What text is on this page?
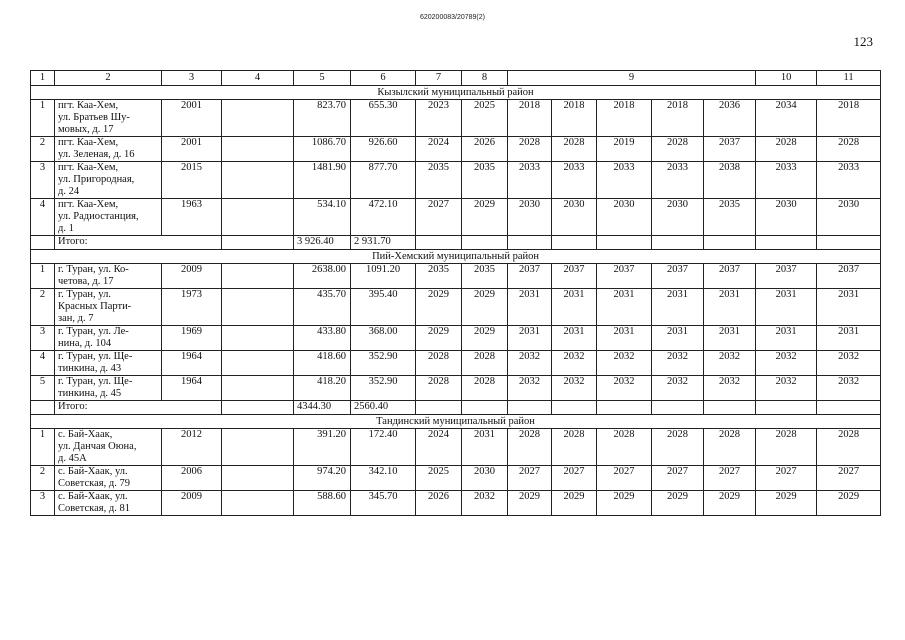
620200083/20789(2)
123
1	2	3	4	5	6	7	8	9					10	11
Кызылский муниципальный район														
1	пгт. Каа-Хем,
ул. Братьев Шу-
мовых, д. 17	2001		823.70	655.30	2023	2025	2018	2018	2018	2018	2036	2034	2018
2	пгт. Каа-Хем,
ул. Зеленая, д. 16	2001		1086.70	926.60	2024	2026	2028	2028	2019	2028	2037	2028	2028
3	пгт. Каа-Хем,
ул. Пригородная,
д. 24	2015		1481.90	877.70	2035	2035	2033	2033	2033	2033	2038	2033	2033
4	пгт. Каа-Хем,
ул. Радиостанция,
д. 1	1963		534.10	472.10	2027	2029	2030	2030	2030	2030	2035	2030	2030
	Итого:			3 926.40	2 931.70									
Пий-Хемский муниципальный район														
1	г. Туран, ул. Ко-
четова, д. 17	2009		2638.00	1091.20	2035	2035	2037	2037	2037	2037	2037	2037	2037
2	г. Туран, ул.
Красных Парти-
зан, д. 7	1973		435.70	395.40	2029	2029	2031	2031	2031	2031	2031	2031	2031
3	г. Туран, ул. Ле-
нина, д. 104	1969		433.80	368.00	2029	2029	2031	2031	2031	2031	2031	2031	2031
4	г. Туран, ул. Ще-
тинкина, д. 43	1964		418.60	352.90	2028	2028	2032	2032	2032	2032	2032	2032	2032
5	г. Туран, ул. Ще-
тинкина, д. 45	1964		418.20	352.90	2028	2028	2032	2032	2032	2032	2032	2032	2032
	Итого:			4344.30	2560.40									
Тандинский муниципальный район														
1	с. Бай-Хаак,
ул. Данчая Оюна,
д. 45А	2012		391.20	172.40	2024	2031	2028	2028	2028	2028	2028	2028	2028
2	с. Бай-Хаак, ул.
Советская, д. 79	2006		974.20	342.10	2025	2030	2027	2027	2027	2027	2027	2027	2027
3	с. Бай-Хаак, ул.
Советская, д. 81	2009		588.60	345.70	2026	2032	2029	2029	2029	2029	2029	2029	2029
